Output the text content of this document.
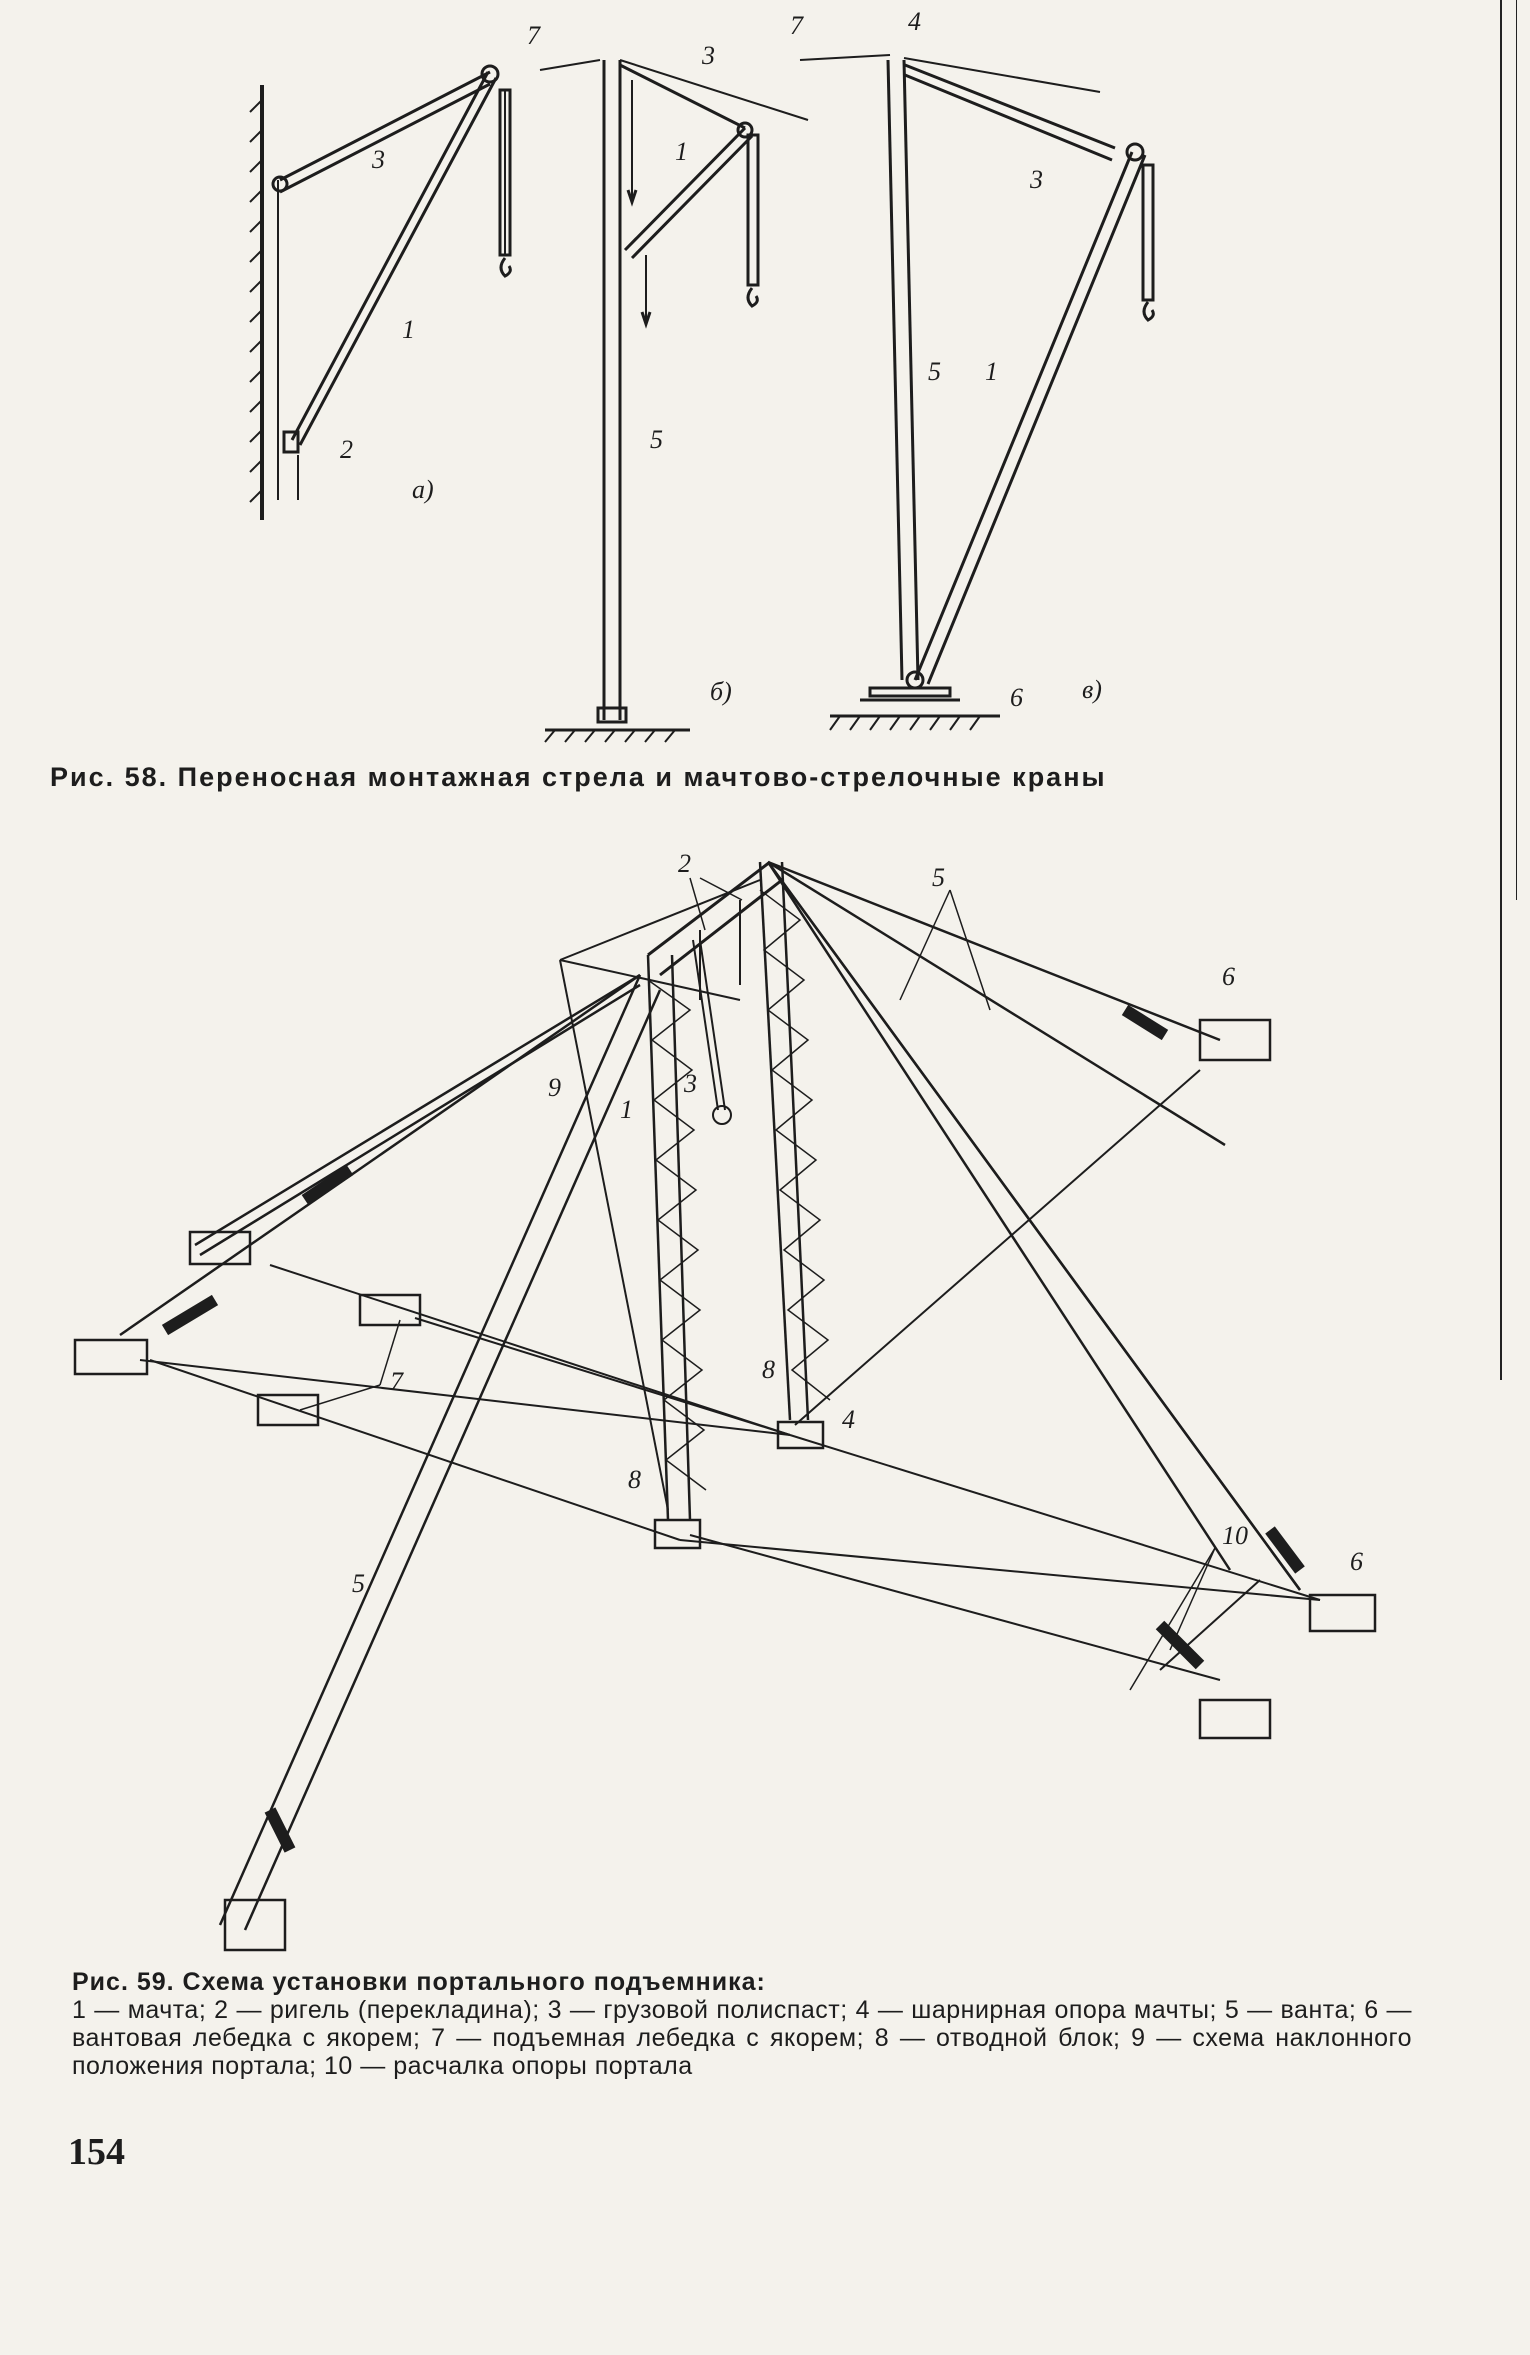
3
1
2
а)
7
3
1
5
б)
7	4
3
5 1
6 в)
Рис. 58. Переносная монтажная стрела и мачтово-стрелочные краны
2	5
6
9
1
3
7	8
4
8
5
10
6
Рис. 59. Схема установки портального подъемника:
1 — мачта; 2 — ригель (перекладина); 3 — грузовой полиспаст; 4 — шарнирная опора мачты; 5 — ванта; 6 — вантовая лебедка с якорем; 7 — подъемная лебедка с якорем; 8 — отводной блок; 9 — схема наклонного положения портала; 10 — расчалка опоры портала
154
